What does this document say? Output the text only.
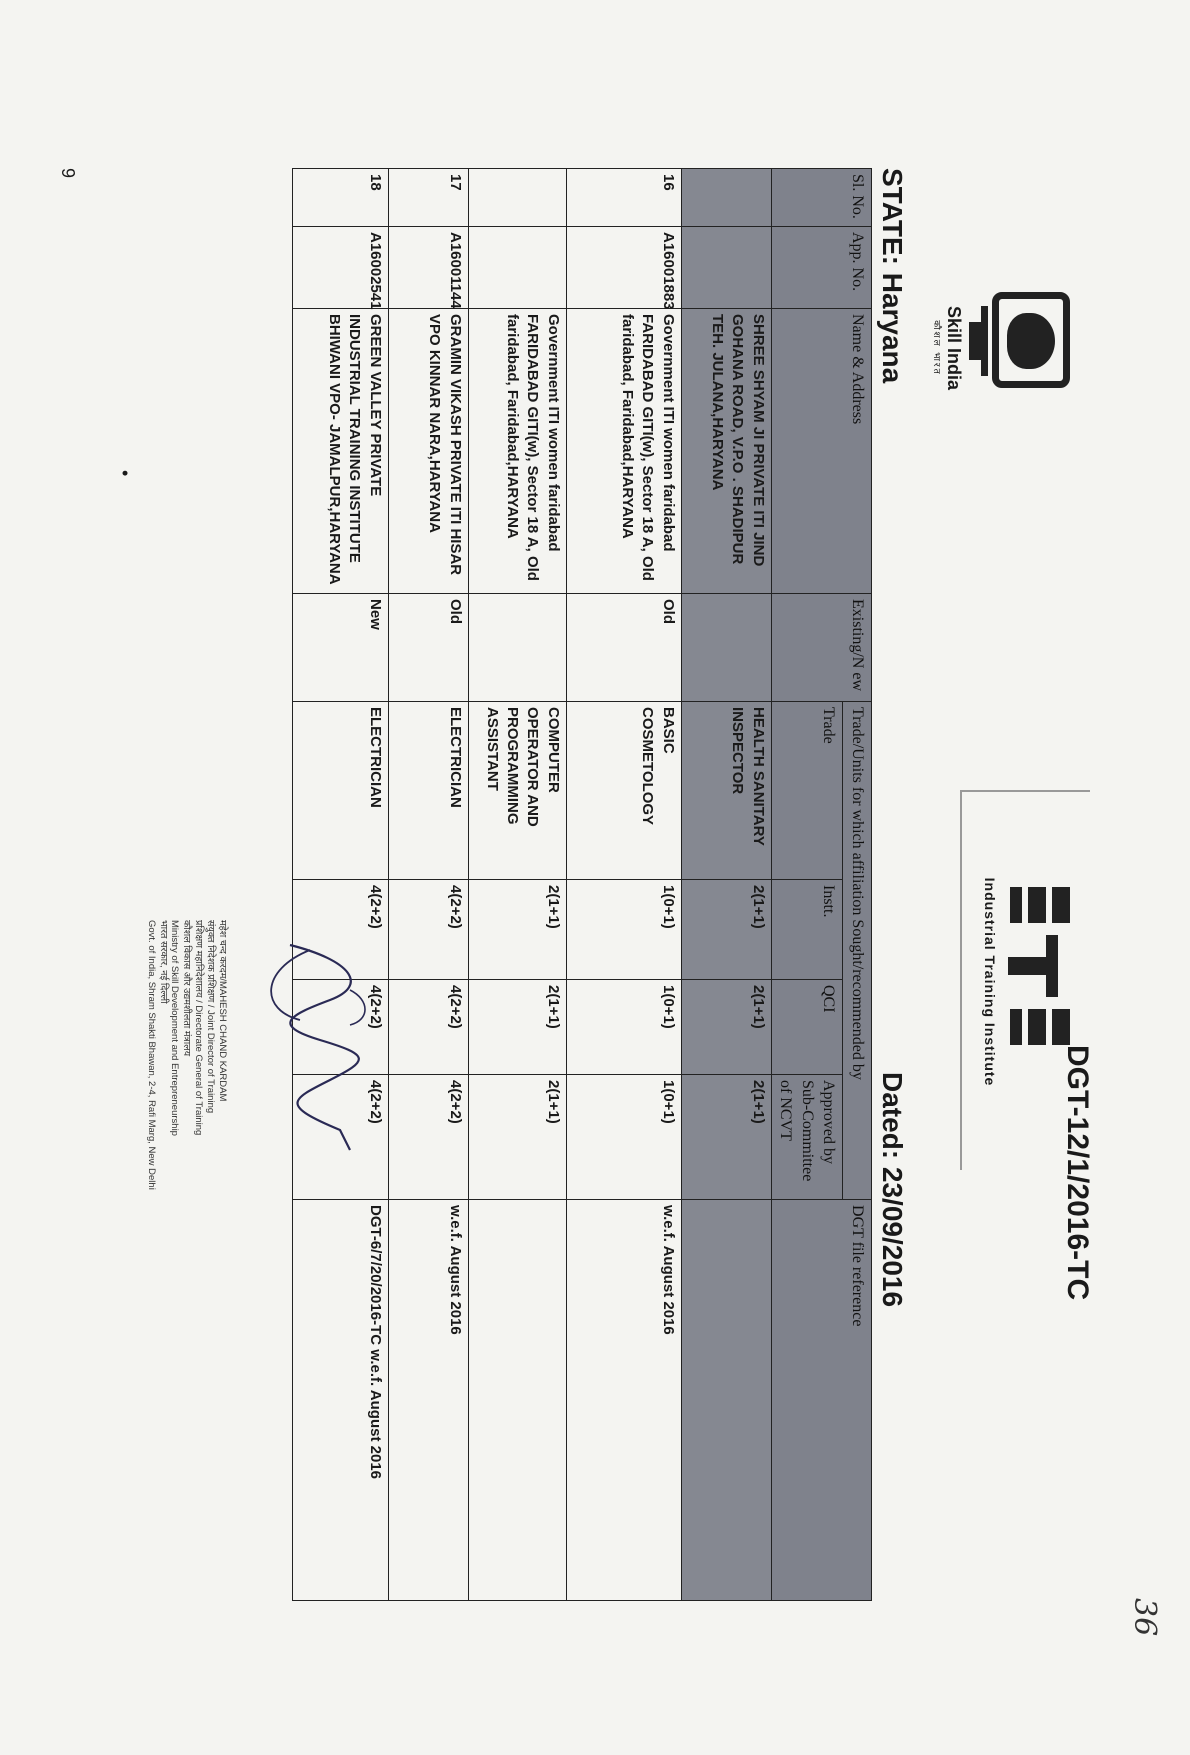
36
DGT-12/1/2016-TC
Skill India
कौशल भारत
Industrial Training Institute
STATE: Haryana
Dated: 23/09/2016
Sl. No.	App. No.	Name & Address	Existing/N ew	Trade/Units for which affiliation Sought/recommended by				DGT file reference
				Trade	Instt.	QCI	Approved by Sub-Committee of NCVT	
		SHREE SHYAM JI PRIVATE ITI JIND GOHANA ROAD, V.P.O . SHADIPUR TEH. JULANA,HARYANA		HEALTH SANITARY INSPECTOR	2(1+1)	2(1+1)	2(1+1)	
16	A16001883	Government ITI women faridabad FARIDABAD GITI(w), Sector 18 A, Old faridabad, Faridabad,HARYANA	Old	BASIC COSMETOLOGY	1(0+1)	1(0+1)	1(0+1)	w.e.f. August 2016
		Government ITI women faridabad FARIDABAD GITI(w), Sector 18 A, Old faridabad, Faridabad,HARYANA		COMPUTER OPERATOR AND PROGRAMMING ASSISTANT	2(1+1)	2(1+1)	2(1+1)	
17	A16001144	GRAMIN VIKASH PRIVATE ITI HISAR VPO KINNAR NARA,HARYANA	Old	ELECTRICIAN	4(2+2)	4(2+2)	4(2+2)	w.e.f. August 2016
18	A16002541	GREEN VALLEY PRIVATE INDUSTRIAL TRAINING INSTITUTE BHIWANI VPO- JAMALPUR,HARYANA	New	ELECTRICIAN	4(2+2)	4(2+2)	4(2+2)	DGT-6/7/20/2016-TC w.e.f. August 2016
महेश चन्द करदम/MAHESH CHAND KARDAM
संयुक्त निदेशक प्रशिक्षण / Joint Director of Training
प्रशिक्षण महानिदेशालय / Directorate General of Training
कौशल विकास और उद्यमशीलता मंत्रालय
Ministry of Skill Development and Entrepreneurship
भारत सरकार, नई दिल्ली
Govt. of India, Shram Shakti Bhawan, 2-4, Rafi Marg, New Delhi
•
9
